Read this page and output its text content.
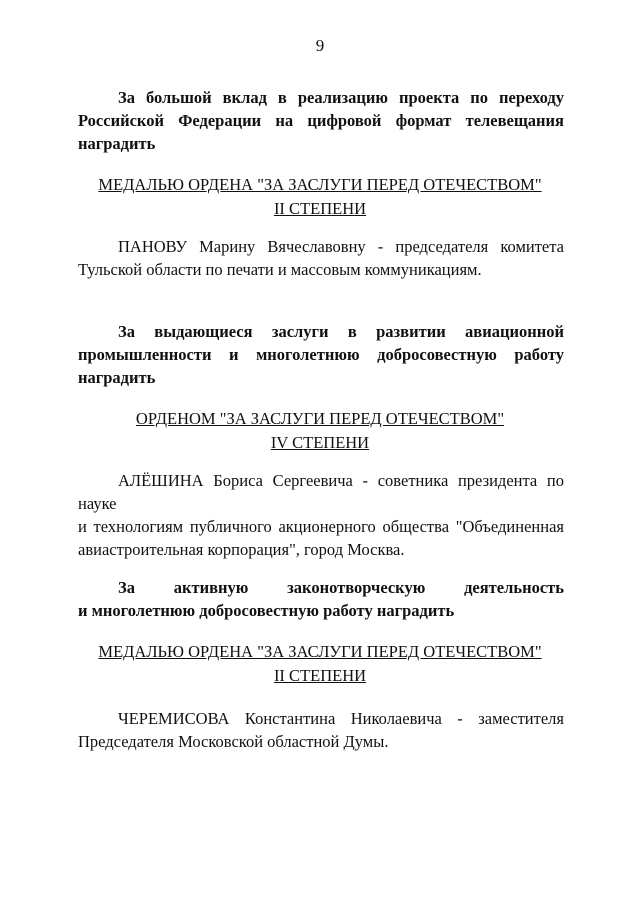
9
За большой вклад в реализацию проекта по переходу
Российской Федерации на цифровой формат телевещания
наградить
МЕДАЛЬЮ ОРДЕНА "ЗА ЗАСЛУГИ ПЕРЕД ОТЕЧЕСТВОМ"
II СТЕПЕНИ
ПАНОВУ Марину Вячеславовну - председателя комитета
Тульской области по печати и массовым коммуникациям.
За выдающиеся заслуги в развитии авиационной
промышленности и многолетнюю добросовестную работу
наградить
ОРДЕНОМ "ЗА ЗАСЛУГИ ПЕРЕД ОТЕЧЕСТВОМ"
IV СТЕПЕНИ
АЛЁШИНА Бориса Сергеевича - советника президента по науке
и технологиям публичного акционерного общества "Объединенная
авиастроительная корпорация", город Москва.
За активную законотворческую деятельность
и многолетнюю добросовестную работу наградить
МЕДАЛЬЮ ОРДЕНА "ЗА ЗАСЛУГИ ПЕРЕД ОТЕЧЕСТВОМ"
II СТЕПЕНИ
ЧЕРЕМИСОВА Константина Николаевича - заместителя
Председателя Московской областной Думы.
